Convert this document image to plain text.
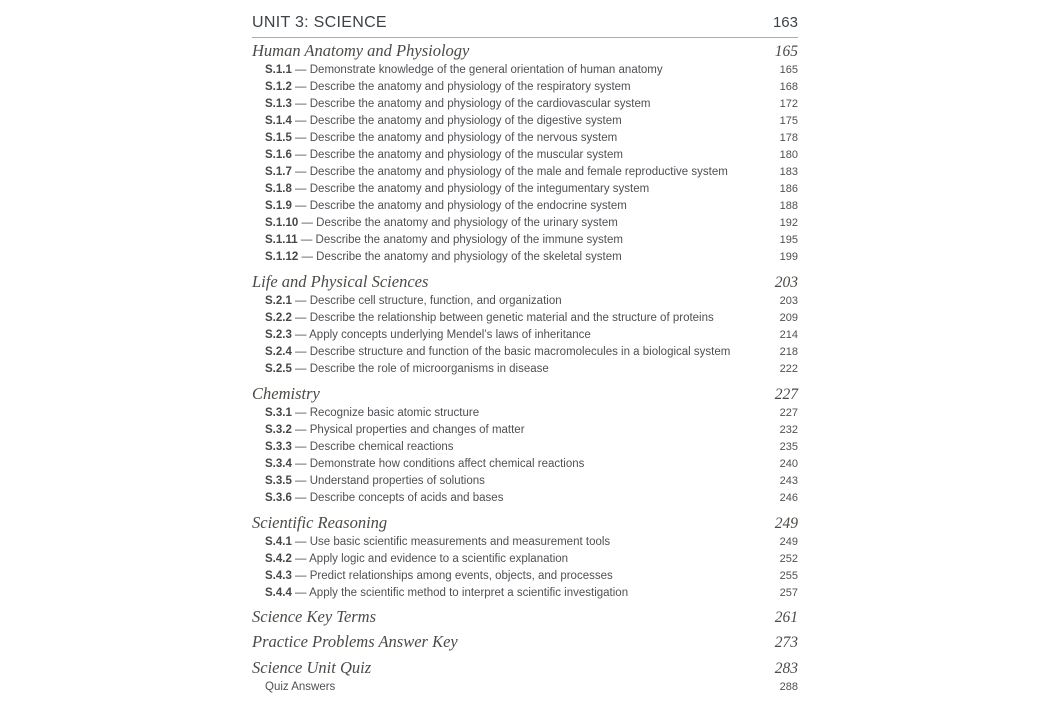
UNIT 3: SCIENCE	163
Human Anatomy and Physiology	165
S.1.1 — Demonstrate knowledge of the general orientation of human anatomy	165
S.1.2 — Describe the anatomy and physiology of the respiratory system	168
S.1.3 — Describe the anatomy and physiology of the cardiovascular system	172
S.1.4 — Describe the anatomy and physiology of the digestive system	175
S.1.5 — Describe the anatomy and physiology of the nervous system	178
S.1.6 — Describe the anatomy and physiology of the muscular system	180
S.1.7 — Describe the anatomy and physiology of the male and female reproductive system	183
S.1.8 — Describe the anatomy and physiology of the integumentary system	186
S.1.9 — Describe the anatomy and physiology of the endocrine system	188
S.1.10 — Describe the anatomy and physiology of the urinary system	192
S.1.11 — Describe the anatomy and physiology of the immune system	195
S.1.12 — Describe the anatomy and physiology of the skeletal system	199
Life and Physical Sciences	203
S.2.1 — Describe cell structure, function, and organization	203
S.2.2 — Describe the relationship between genetic material and the structure of proteins	209
S.2.3 — Apply concepts underlying Mendel’s laws of inheritance	214
S.2.4 — Describe structure and function of the basic macromolecules in a biological system	218
S.2.5 — Describe the role of microorganisms in disease	222
Chemistry	227
S.3.1 — Recognize basic atomic structure	227
S.3.2 — Physical properties and changes of matter	232
S.3.3 — Describe chemical reactions	235
S.3.4 — Demonstrate how conditions affect chemical reactions	240
S.3.5 — Understand properties of solutions	243
S.3.6 — Describe concepts of acids and bases	246
Scientific Reasoning	249
S.4.1 — Use basic scientific measurements and measurement tools	249
S.4.2 — Apply logic and evidence to a scientific explanation	252
S.4.3 — Predict relationships among events, objects, and processes	255
S.4.4 — Apply the scientific method to interpret a scientific investigation	257
Science Key Terms	261
Practice Problems Answer Key	273
Science Unit Quiz	283
Quiz Answers	288
